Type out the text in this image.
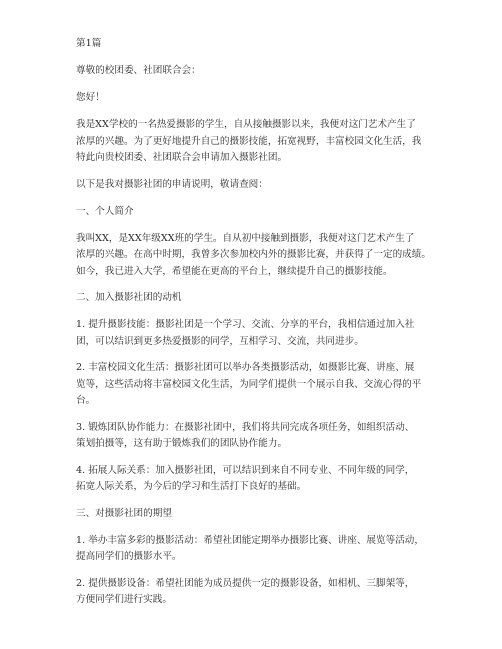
第1篇

尊敬的校团委、社团联合会：

您好！

我是XX学校的一名热爱摄影的学生，自从接触摄影以来，我便对这门艺术产生了
浓厚的兴趣。为了更好地提升自己的摄影技能，拓宽视野，丰富校园文化生活，我
特此向贵校团委、社团联合会申请加入摄影社团。

以下是我对摄影社团的申请说明，敬请查阅：

一、个人简介

我叫XX，是XX年级XX班的学生。自从初中接触到摄影，我便对这门艺术产生了
浓厚的兴趣。在高中时期，我曾多次参加校内外的摄影比赛，并获得了一定的成绩。
如今，我已进入大学，希望能在更高的平台上，继续提升自己的摄影技能。

二、加入摄影社团的动机

1. 提升摄影技能：摄影社团是一个学习、交流、分享的平台，我相信通过加入社
团，可以结识到更多热爱摄影的同学，互相学习、交流，共同进步。

2. 丰富校园文化生活：摄影社团可以举办各类摄影活动，如摄影比赛、讲座、展
览等，这些活动将丰富校园文化生活，为同学们提供一个展示自我、交流心得的平
台。

3. 锻炼团队协作能力：在摄影社团中，我们将共同完成各项任务，如组织活动、
策划拍摄等，这有助于锻炼我们的团队协作能力。

4. 拓展人际关系：加入摄影社团，可以结识到来自不同专业、不同年级的同学，
拓宽人际关系，为今后的学习和生活打下良好的基础。

三、对摄影社团的期望

1. 举办丰富多彩的摄影活动：希望社团能定期举办摄影比赛、讲座、展览等活动，
提高同学们的摄影水平。

2. 提供摄影设备：希望社团能为成员提供一定的摄影设备，如相机、三脚架等，
方便同学们进行实践。
